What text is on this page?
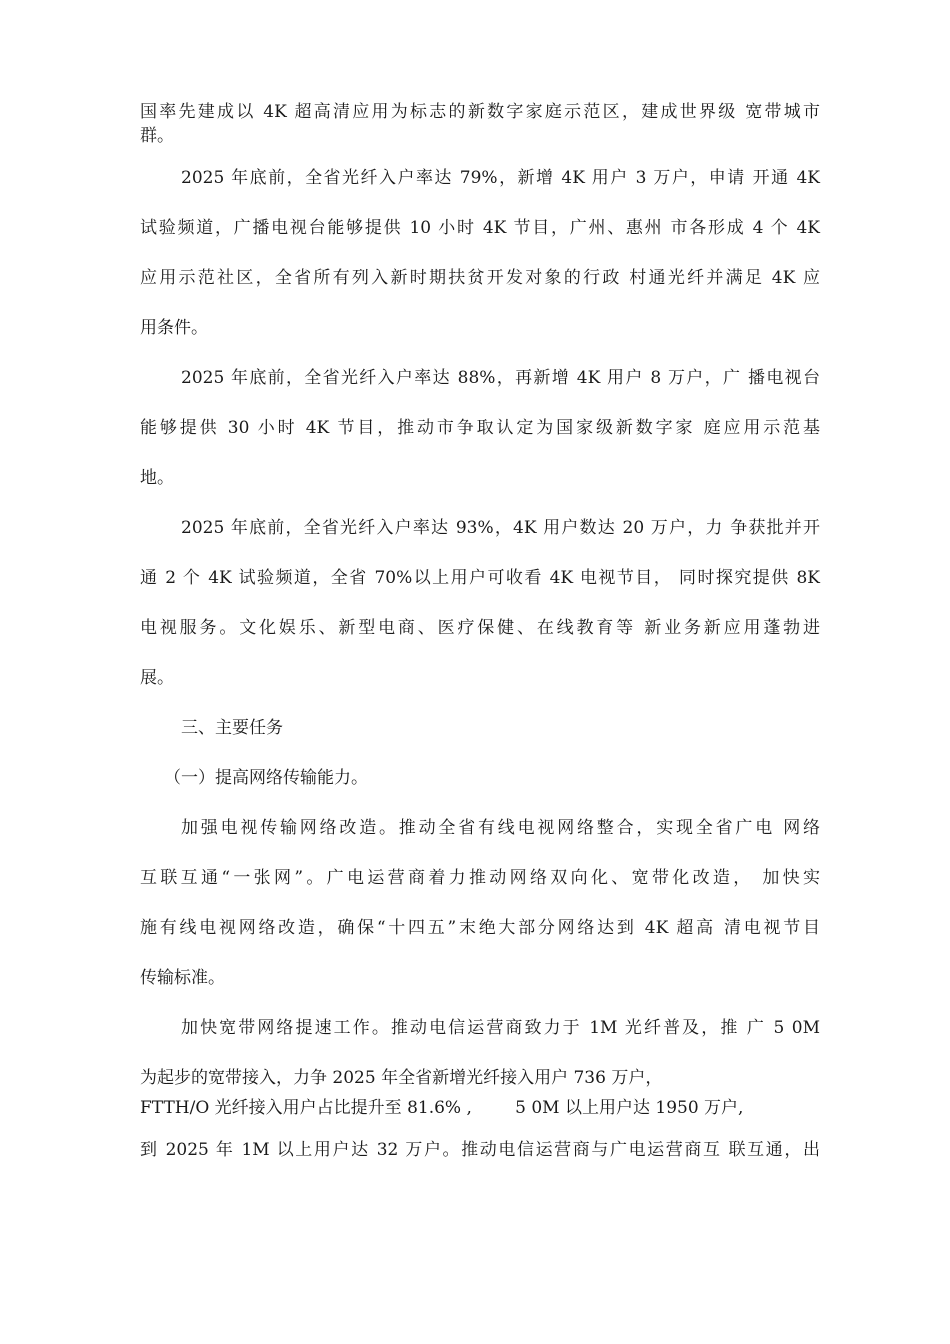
国率先建成以 4K 超高清应用为标志的新数字家庭示范区，建成世界级 宽带城市
群。
2025 年底前，全省光纤入户率达 79%，新增 4K 用户 3 万户，申请 开通 4K
试验频道，广播电视台能够提供 10 小时 4K 节目，广州、惠州 市各形成 4 个 4K
应用示范社区，全省所有列入新时期扶贫开发对象的行政 村通光纤并满足 4K 应
用条件。
2025 年底前，全省光纤入户率达 88%，再新增 4K 用户 8 万户，广 播电视台
能够提供 30 小时 4K 节目，推动市争取认定为国家级新数字家 庭应用示范基
地。
2025 年底前，全省光纤入户率达 93%，4K 用户数达 20 万户，力 争获批并开
通 2 个 4K 试验频道，全省 70%以上用户可收看 4K 电视节目， 同时探究提供 8K
电视服务。文化娱乐、新型电商、医疗保健、在线教育等 新业务新应用蓬勃进
展。
三、主要任务
（一）提高网络传输能力。
加强电视传输网络改造。推动全省有线电视网络整合，实现全省广电 网络
互联互通“一张网”。广电运营商着力推动网络双向化、宽带化改造， 加快实
施有线电视网络改造，确保“十四五”末绝大部分网络达到 4K 超高 清电视节目
传输标准。
加快宽带网络提速工作。推动电信运营商致力于 1M 光纤普及，推 广 5 0M
为起步的宽带接入，力争 2025 年全省新增光纤接入用户 736 万户，
FTTH/O 光纤接入用户占比提升至 81.6% ,        5 0M 以上用户达 1950 万户,
到 2025 年 1M 以上用户达 32 万户。推动电信运营商与广电运营商互 联互通，出
